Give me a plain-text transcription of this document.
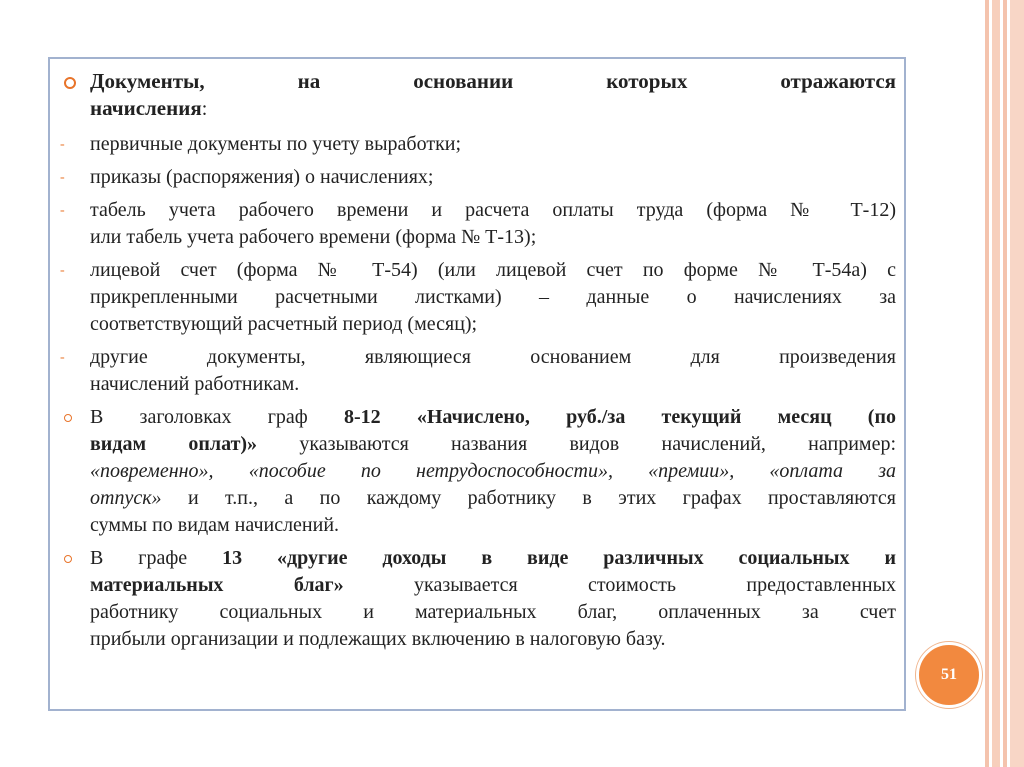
Документы,	на	основании	которых	отражаются
начисления:
- первичные документы по учету выработки;
- приказы (распоряжения) о начислениях;
- табель учета рабочего времени и расчета оплаты труда (форма № Т-12)
или табель учета рабочего времени (форма № Т-13);
- лицевой счет (форма № Т-54) (или лицевой счет по форме № Т-54а) с
прикрепленными расчетными листками) – данные о начислениях за
соответствующий расчетный период (месяц);
- другие документы, являющиеся основанием для произведения
начислений работникам.
В заголовках граф 8-12 «Начислено, руб./за текущий месяц (по
видам оплат)» указываются названия видов начислений, например:
«повременно», «пособие по нетрудоспособности», «премии», «оплата за
отпуск» и т.п., а по каждому работнику в этих графах проставляются
суммы по видам начислений.
В графе 13 «другие доходы в виде различных социальных и
материальных благ» указывается стоимость предоставленных
работнику социальных и материальных благ, оплаченных за счет
прибыли организации и подлежащих включению в налоговую базу.
51
